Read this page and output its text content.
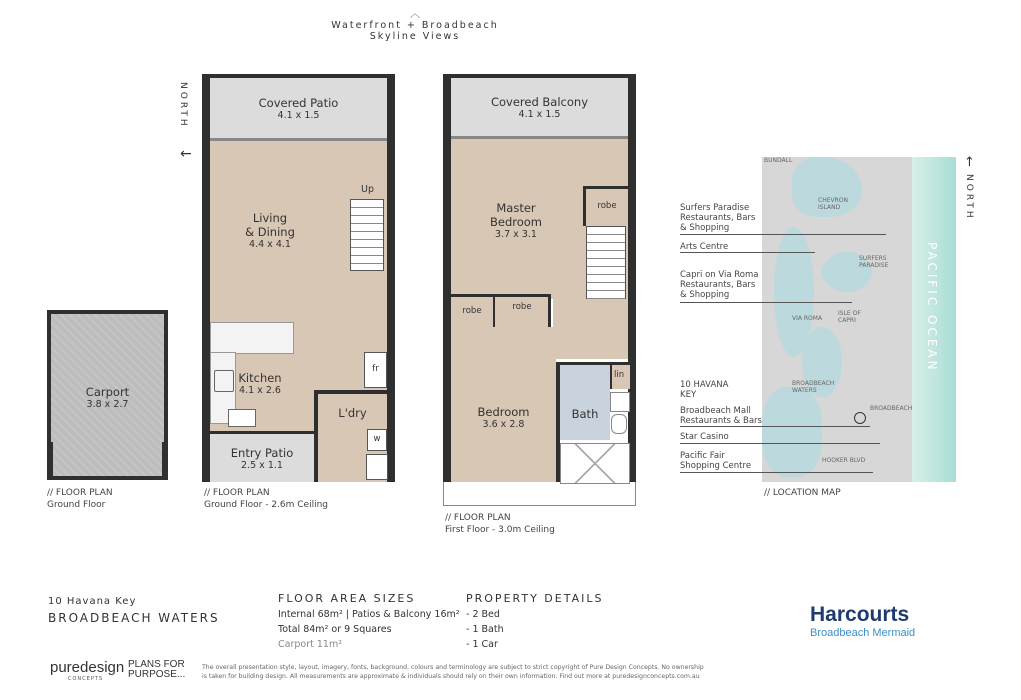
︿
Waterfront + Broadbeach
Skyline Views
NORTH
←
Carport
3.8 x 2.7
// FLOOR PLAN
Ground Floor
Covered Patio
4.1 x 1.5
Living
& Dining
4.4 x 4.1
Up
Kitchen
4.1 x 2.6
fr
L'dry
w
Entry Patio
2.5 x 1.1
// FLOOR PLAN
Ground Floor - 2.6m Ceiling
Covered Balcony
4.1 x 1.5
Master
Bedroom
3.7 x 3.1
robe
robe	robe
Bedroom
3.6 x 2.8
Bath
lin
// FLOOR PLAN
First Floor - 3.0m Ceiling
PACIFIC OCEAN
BUNDALL
CHEVRON
ISLAND
SURFERS
PARADISE
ISLE OF
CAPRI
VIA ROMA
BROADBEACH
WATERS
BROADBEACH
HOOKER BLVD
↑
NORTH
Surfers Paradise
Restaurants, Bars
& Shopping
Arts Centre
Capri on Via Roma
Restaurants, Bars
& Shopping
10 HAVANA
KEY
Broadbeach Mall
Restaurants & Bars
Star Casino
Pacific Fair
Shopping Centre
// LOCATION MAP
10 Havana Key
BROADBEACH WATERS
FLOOR AREA SIZES
Internal 68m² | Patios & Balcony 16m²
Total 84m² or 9 Squares
Carport 11m²
PROPERTY DETAILS
- 2 Bed
- 1 Bath
- 1 Car
Harcourts
Broadbeach Mermaid
puredesign
CONCEPTS
PLANS FOR
PURPOSE...
The overall presentation style, layout, imagery, fonts, background, colours and terminology are subject to strict copyright of Pure Design Concepts. No ownership
is taken for building design. All measurements are approximate & individuals should rely on their own information. Find out more at puredesignconcepts.com.au
